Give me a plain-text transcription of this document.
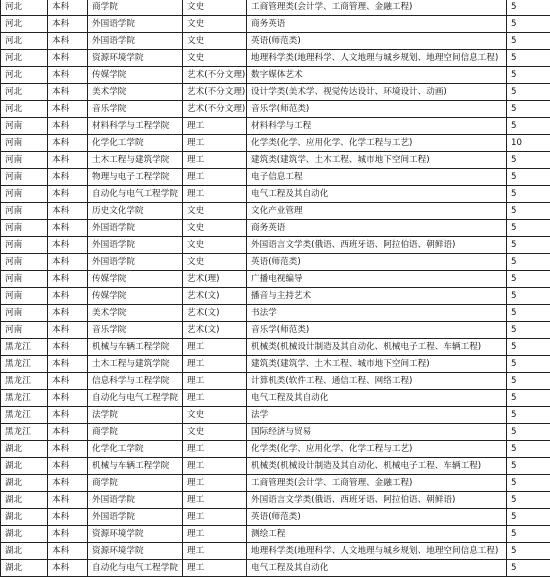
河北	本科	商学院	文史	工商管理类(会计学、工商管理、金融工程)	5
河北	本科	外国语学院	文史	商务英语	5
河北	本科	外国语学院	文史	英语(师范类)	5
河北	本科	资源环境学院	文史	地理科学类(地理科学、人文地理与城乡规划、地理空间信息工程)	5
河北	本科	传媒学院	艺术(不分文理)	数字媒体艺术	5
河北	本科	美术学院	艺术(不分文理)	设计学类(美术学、视觉传达设计、环境设计、动画)	5
河北	本科	音乐学院	艺术(不分文理)	音乐学(师范类)	5
河南	本科	材料科学与工程学院	理工	材料科学与工程	5
河南	本科	化学化工学院	理工	化学类(化学、应用化学、化学工程与工艺)	10
河南	本科	土木工程与建筑学院	理工	建筑类(建筑学、土木工程、城市地下空间工程)	5
河南	本科	物理与电子工程学院	理工	电子信息工程	5
河南	本科	自动化与电气工程学院	理工	电气工程及其自动化	5
河南	本科	历史文化学院	文史	文化产业管理	5
河南	本科	外国语学院	文史	商务英语	5
河南	本科	外国语学院	文史	外国语言文学类(俄语、西班牙语、阿拉伯语、朝鲜语)	5
河南	本科	外国语学院	文史	英语(师范类)	5
河南	本科	传媒学院	艺术(理)	广播电视编导	5
河南	本科	传媒学院	艺术(文)	播音与主持艺术	5
河南	本科	美术学院	艺术(文)	书法学	5
河南	本科	音乐学院	艺术(文)	音乐学(师范类)	5
黑龙江	本科	机械与车辆工程学院	理工	机械类(机械设计制造及其自动化、机械电子工程、车辆工程)	5
黑龙江	本科	土木工程与建筑学院	理工	建筑类(建筑学、土木工程、城市地下空间工程)	5
黑龙江	本科	信息科学与工程学院	理工	计算机类(软件工程、通信工程、网络工程)	5
黑龙江	本科	自动化与电气工程学院	理工	电气工程及其自动化	5
黑龙江	本科	法学院	文史	法学	5
黑龙江	本科	商学院	文史	国际经济与贸易	5
湖北	本科	化学化工学院	理工	化学类(化学、应用化学、化学工程与工艺)	5
湖北	本科	机械与车辆工程学院	理工	机械类(机械设计制造及其自动化、机械电子工程、车辆工程)	5
湖北	本科	商学院	理工	工商管理类(会计学、工商管理、金融工程)	5
湖北	本科	外国语学院	理工	外国语言文学类(俄语、西班牙语、阿拉伯语、朝鲜语)	5
湖北	本科	外国语学院	理工	英语(师范类)	5
湖北	本科	资源环境学院	理工	测绘工程	5
湖北	本科	资源环境学院	理工	地理科学类(地理科学、人文地理与城乡规划、地理空间信息工程)	5
湖北	本科	自动化与电气工程学院	理工	电气工程及其自动化	5
